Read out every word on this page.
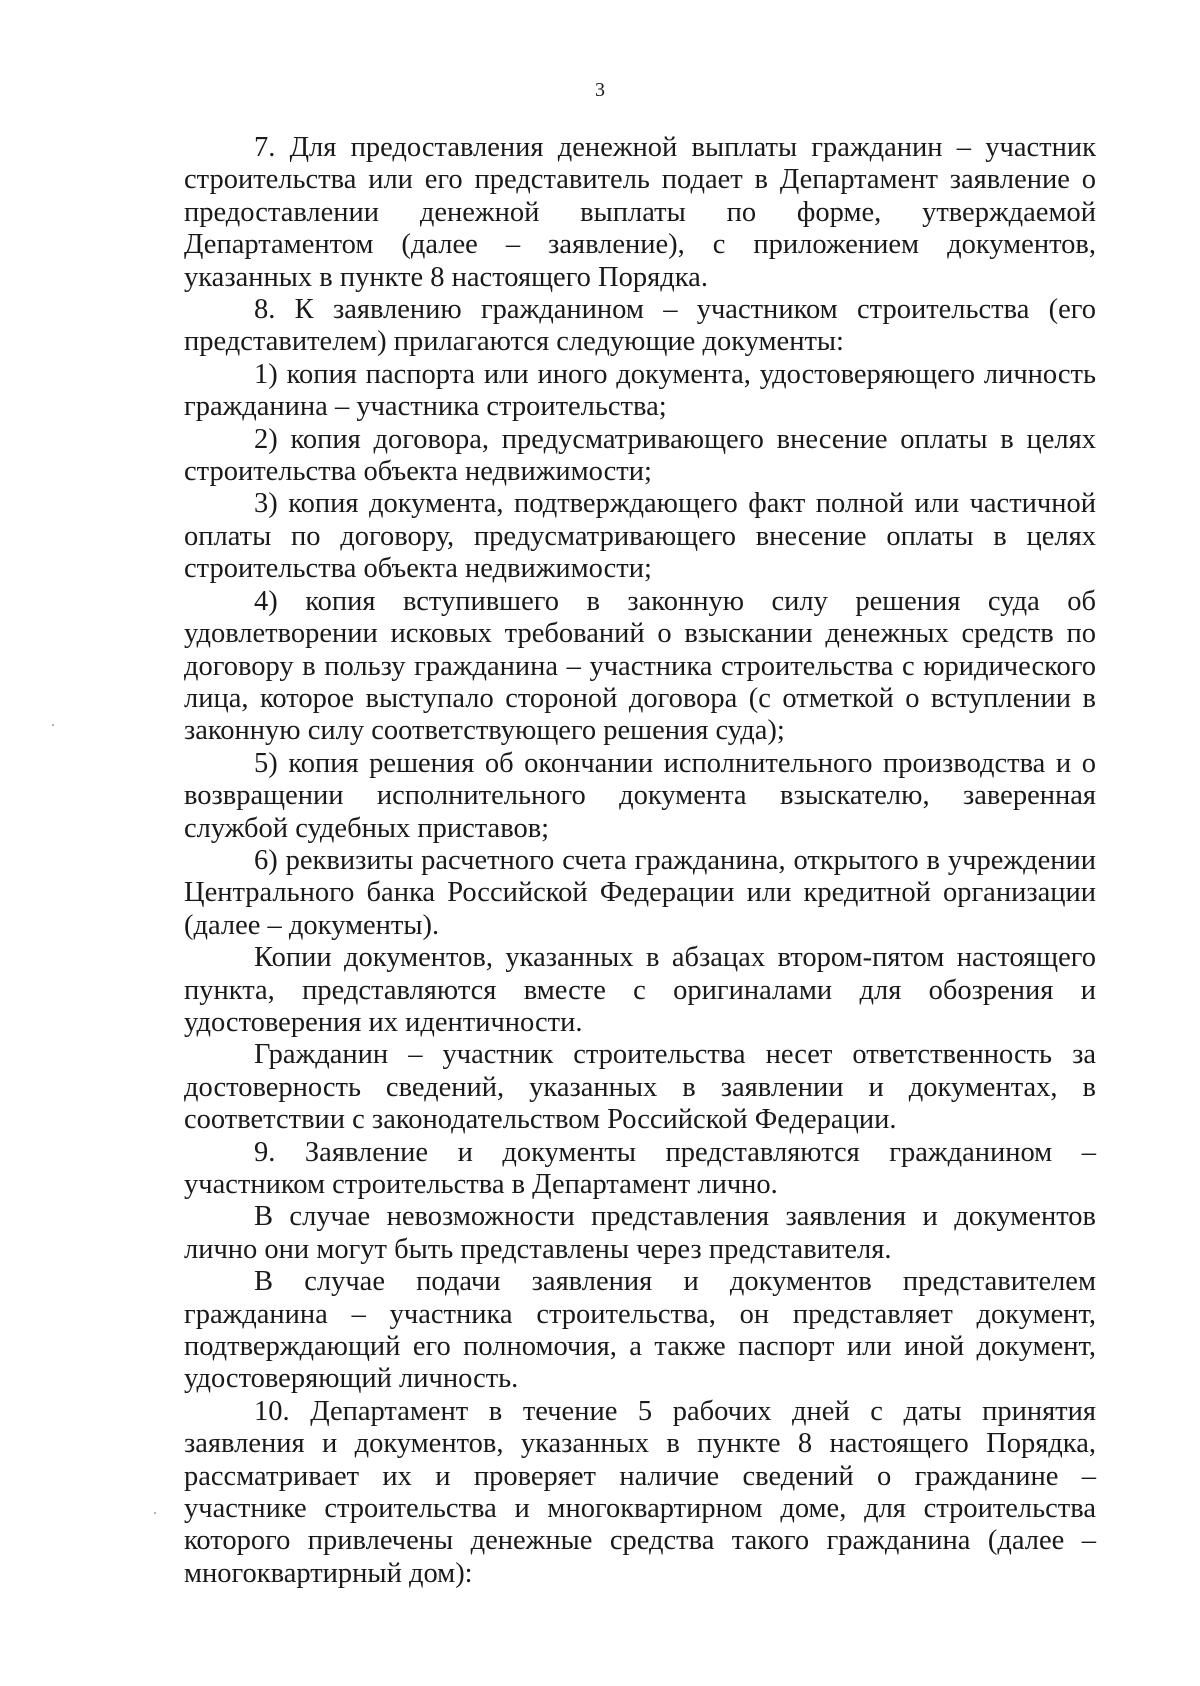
3

7. Для предоставления денежной выплаты гражданин – участник строительства или его представитель подает в Департамент заявление о предоставлении денежной выплаты по форме, утверждаемой Департаментом (далее – заявление), с приложением документов, указанных в пункте 8 настоящего Порядка.

8. К заявлению гражданином – участником строительства (его представителем) прилагаются следующие документы:

1) копия паспорта или иного документа, удостоверяющего личность гражданина – участника строительства;

2) копия договора, предусматривающего внесение оплаты в целях строительства объекта недвижимости;

3) копия документа, подтверждающего факт полной или частичной оплаты по договору, предусматривающего внесение оплаты в целях строительства объекта недвижимости;

4) копия вступившего в законную силу решения суда об удовлетворении исковых требований о взыскании денежных средств по договору в пользу гражданина – участника строительства с юридического лица, которое выступало стороной договора (с отметкой о вступлении в законную силу соответствующего решения суда);

5) копия решения об окончании исполнительного производства и о возвращении исполнительного документа взыскателю, заверенная службой судебных приставов;

6) реквизиты расчетного счета гражданина, открытого в учреждении Центрального банка Российской Федерации или кредитной организации (далее – документы).

Копии документов, указанных в абзацах втором-пятом настоящего пункта, представляются вместе с оригиналами для обозрения и удостоверения их идентичности.

Гражданин – участник строительства несет ответственность за достоверность сведений, указанных в заявлении и документах, в соответствии с законодательством Российской Федерации.

9. Заявление и документы представляются гражданином – участником строительства в Департамент лично.

В случае невозможности представления заявления и документов лично они могут быть представлены через представителя.

В случае подачи заявления и документов представителем гражданина – участника строительства, он представляет документ, подтверждающий его полномочия, а также паспорт или иной документ, удостоверяющий личность.

10. Департамент в течение 5 рабочих дней с даты принятия заявления и документов, указанных в пункте 8 настоящего Порядка, рассматривает их и проверяет наличие сведений о гражданине – участнике строительства и многоквартирном доме, для строительства которого привлечены денежные средства такого гражданина (далее – многоквартирный дом):
